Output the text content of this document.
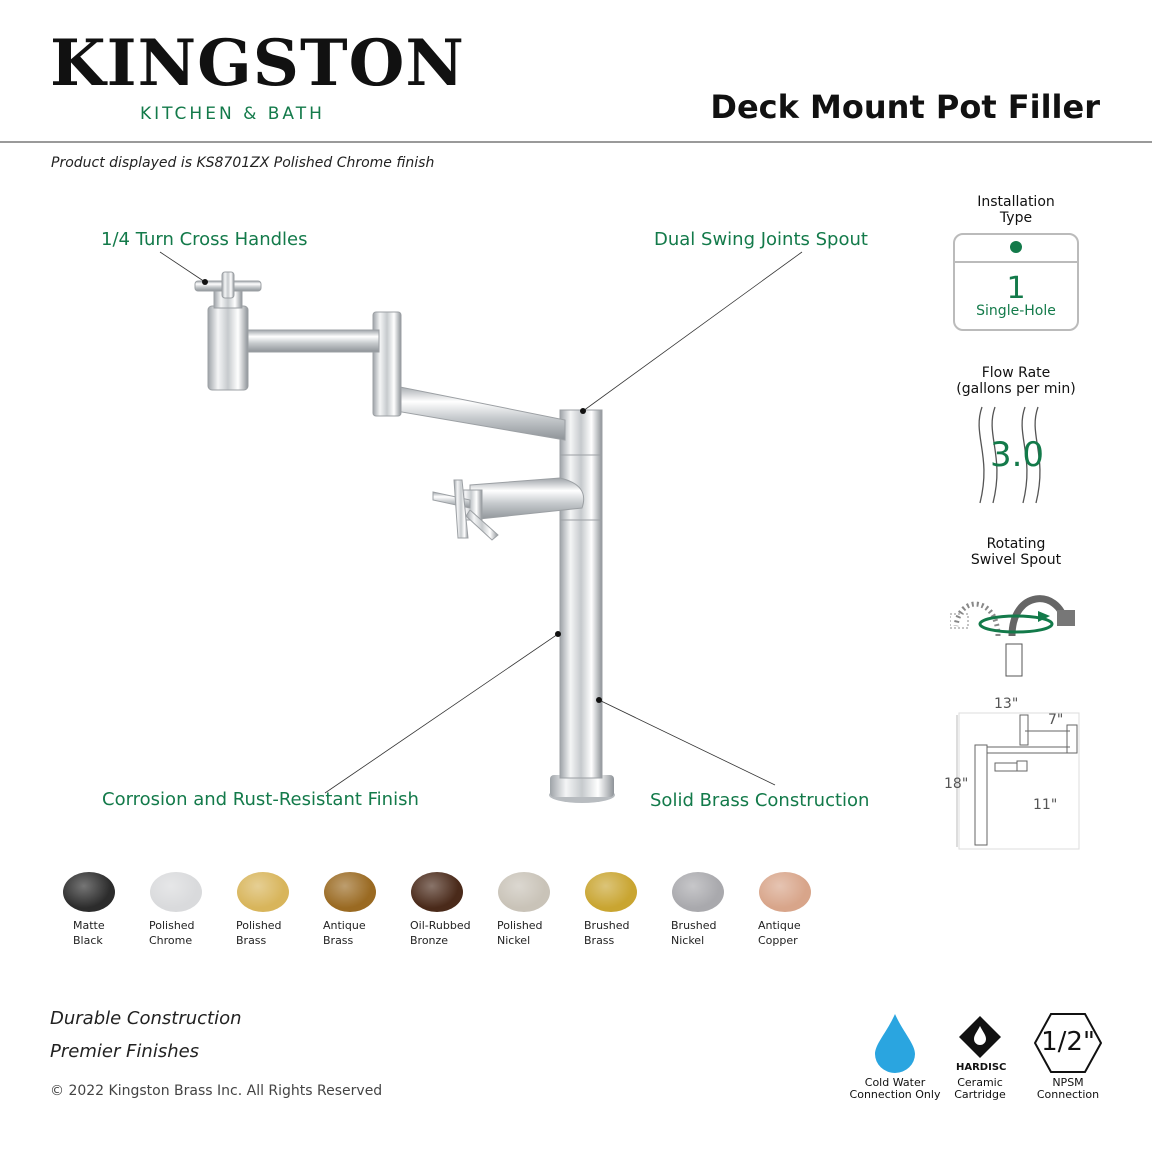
KINGSTON
KITCHEN & BATH	Deck Mount Pot Filler
Product displayed is KS8701ZX Polished Chrome finish
1/4 Turn Cross Handles	Dual Swing Joints Spout
Corrosion and Rust-Resistant Finish	Solid Brass Construction
Installation
Type
1
Single-Hole
Flow Rate
(gallons per min)
3.0
Rotating
Swivel Spout
13"
7"
18"
11"
Matte
Black
Polished
Chrome
Polished
Brass
Antique
Brass
Oil-Rubbed
Bronze
Polished
Nickel
Brushed
Brass
Brushed
Nickel
Antique
Copper
Durable Construction
Premier Finishes
© 2022 Kingston Brass Inc. All Rights Reserved
Cold Water
Connection Only
HARDISC
Ceramic
Cartridge
1/2"
NPSM
Connection
